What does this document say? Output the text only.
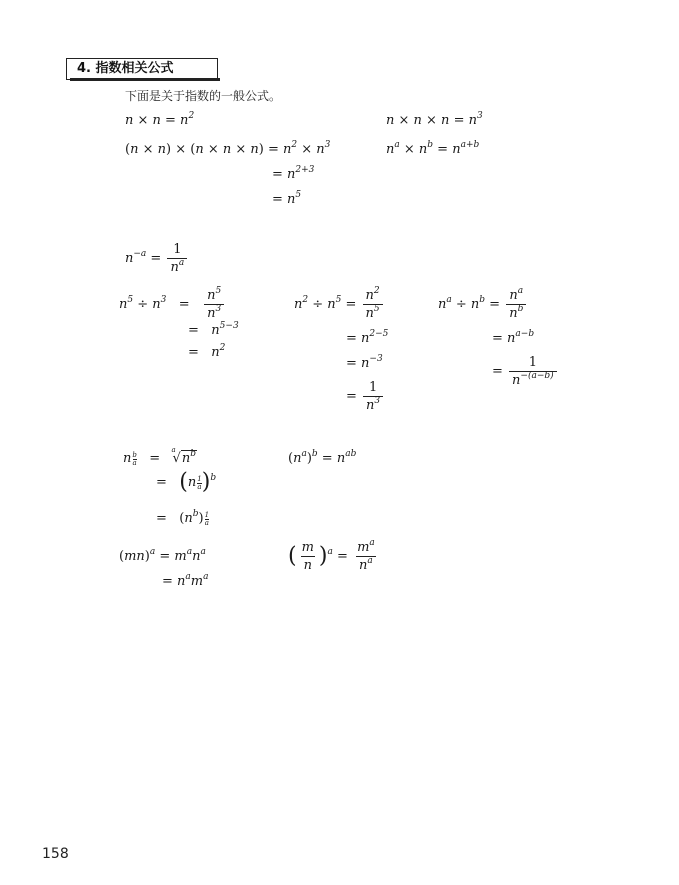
4. 指数相关公式
下面是关于指数的一般公式。
$n \times n = n^2$	$n \times n \times n = n^3$
$(n \times n) \times (n \times n \times n) = n^2 \times n^3$	$n^a \times n^b = n^{a+b}$
= $n^{2+3}$
= $n^5$
$n^{-a} = \frac{1}{n^a}$
$n^5 \div n^3 = \frac{n^5}{n^3}$
=   $n^{5-3}$
=   $n^2$
$n^2 \div n^5 = \frac{n^2}{n^5}$
= $n^{2-5}$
= $n^{-3}$
= $\frac{1}{n^3}$
$n^a \div n^b = \frac{n^a}{n^b}$
= $n^{a-b}$
= $\frac{1}{n^{-(a-b)}}$
n $\frac{b}{a}$ =   √
a
$n^b$
=   $(n \frac{1}{a} )^b$
=   $(n^b) \frac{1}{a}$
$(n^a)^b = n^{ab}$
$(mn)^a = m^an^a$
= $n^am^a$
( $\frac{m}{n} )^a = \frac{m^a}{n^a}$
158
